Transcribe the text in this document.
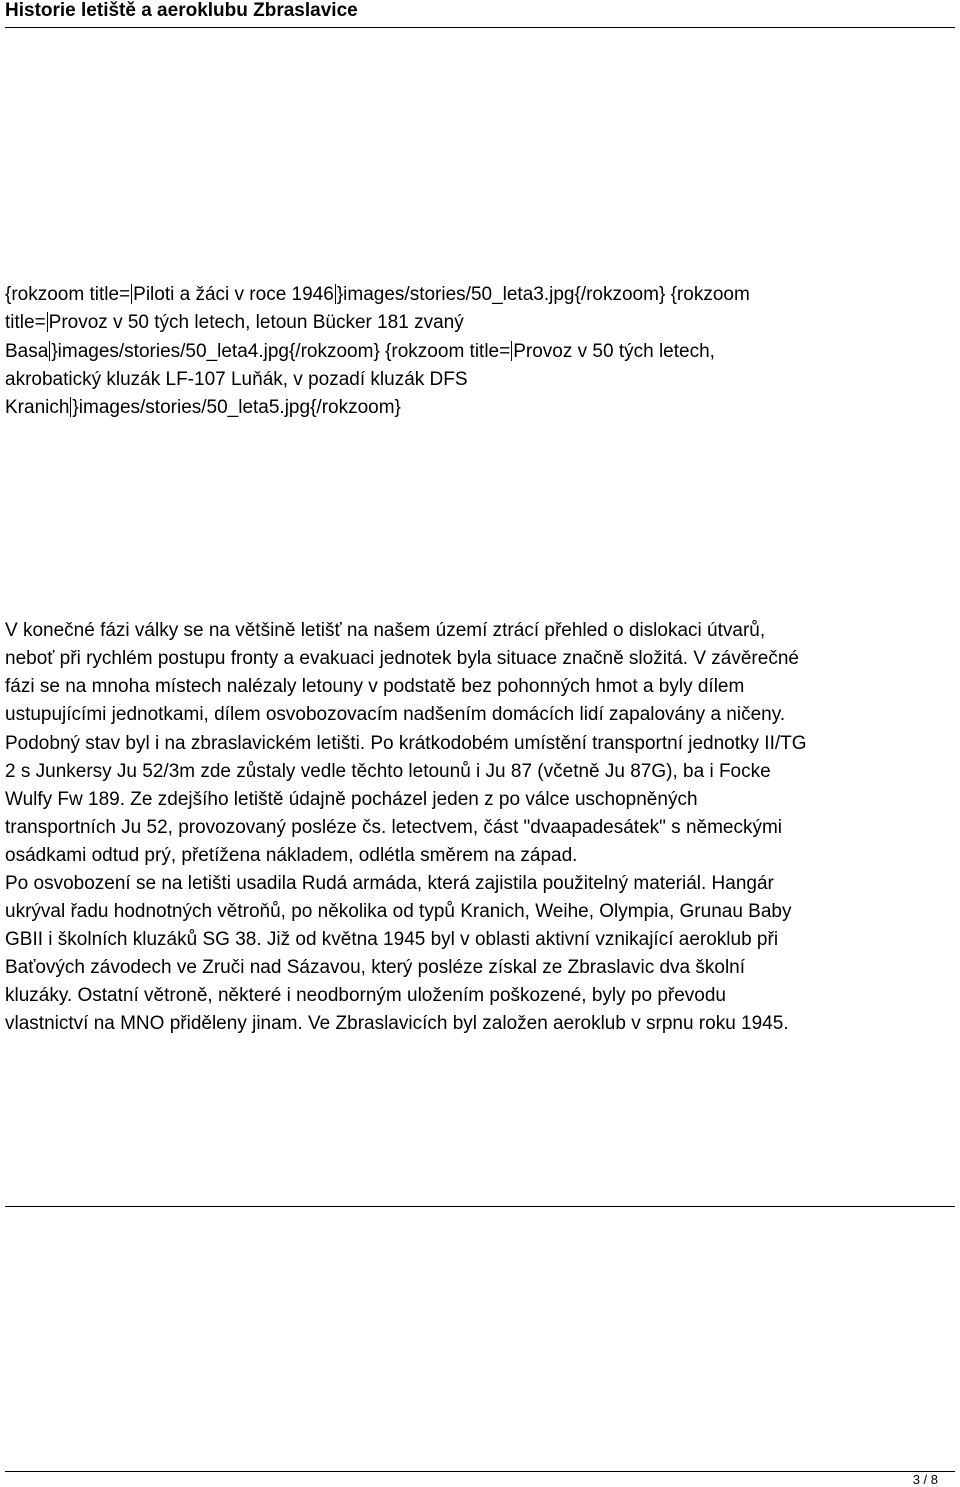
Historie letiště a aeroklubu Zbraslavice
{rokzoom title= Piloti a žáci v roce 1946 }images/stories/50_leta3.jpg{/rokzoom} {rokzoom
title= Provoz v 50 tých letech, letoun Bücker 181 zvaný
Basa }images/stories/50_leta4.jpg{/rokzoom} {rokzoom title= Provoz v 50 tých letech,
akrobatický kluzák LF-107 Luňák, v pozadí kluzák DFS
Kranich }images/stories/50_leta5.jpg{/rokzoom}
V konečné fázi války se na většině letišť na našem území ztrácí přehled o dislokaci útvarů,
neboť při rychlém postupu fronty a evakuaci jednotek byla situace značně složitá. V závěrečné
fázi se na mnoha místech nalézaly letouny v podstatě bez pohonných hmot a byly dílem
ustupujícími jednotkami, dílem osvobozovacím nadšením domácích lidí zapalovány a ničeny.
Podobný stav byl i na zbraslavickém letišti. Po krátkodobém umístění transportní jednotky II/TG
2 s Junkersy Ju 52/3m zde zůstaly vedle těchto letounů i Ju 87 (včetně Ju 87G), ba i Focke
Wulfy Fw 189. Ze zdejšího letiště údajně pocházel jeden z po válce uschopněných
transportních Ju 52, provozovaný posléze čs. letectvem, část "dvaapadesátek" s německými
osádkami odtud prý, přetížena nákladem, odlétla směrem na západ.
Po osvobození se na letišti usadila Rudá armáda, která zajistila použitelný materiál. Hangár
ukrýval řadu hodnotných větroňů, po několika od typů Kranich, Weihe, Olympia, Grunau Baby
GBII i školních kluzáků SG 38. Již od května 1945 byl v oblasti aktivní vznikající aeroklub při
Baťových závodech ve Zruči nad Sázavou, který posléze získal ze Zbraslavic dva školní
kluzáky. Ostatní větroně, některé i neodborným uložením poškozené, byly po převodu
vlastnictví na MNO přiděleny jinam. Ve Zbraslavicích byl založen aeroklub v srpnu roku 1945.
3 / 8
